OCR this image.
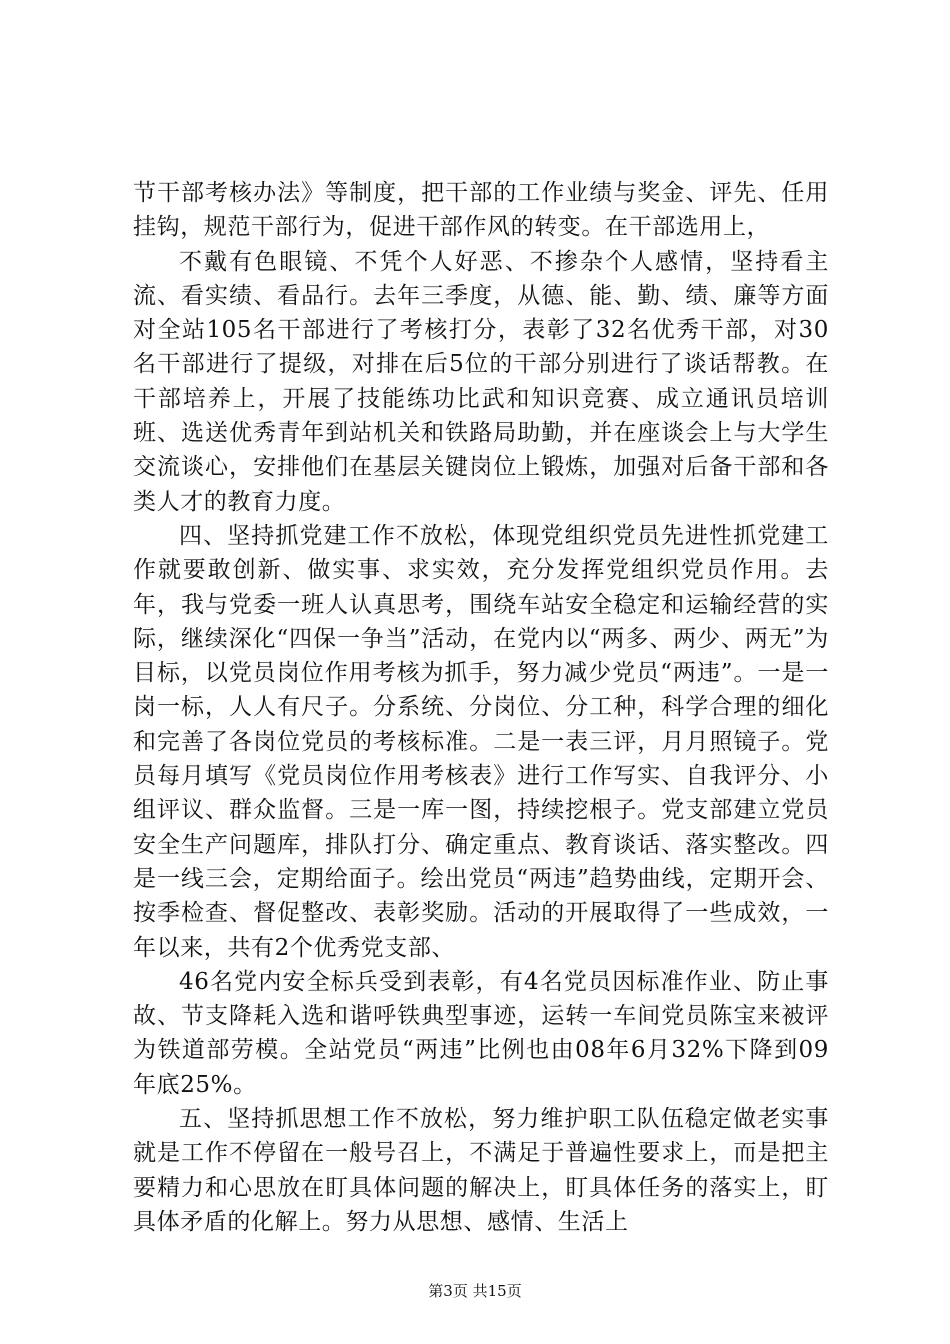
节干部考核办法》等制度，把干部的工作业绩与奖金、评先、任用挂钩，规范干部行为，促进干部作风的转变。在干部选用上，

不戴有色眼镜、不凭个人好恶、不掺杂个人感情，坚持看主流、看实绩、看品行。去年三季度，从德、能、勤、绩、廉等方面对全站105名干部进行了考核打分，表彰了32名优秀干部，对30名干部进行了提级，对排在后5位的干部分别进行了谈话帮教。在干部培养上，开展了技能练功比武和知识竞赛、成立通讯员培训班、选送优秀青年到站机关和铁路局助勤，并在座谈会上与大学生交流谈心，安排他们在基层关键岗位上锻炼，加强对后备干部和各类人才的教育力度。

四、坚持抓党建工作不放松，体现党组织党员先进性抓党建工作就要敢创新、做实事、求实效，充分发挥党组织党员作用。去年，我与党委一班人认真思考，围绕车站安全稳定和运输经营的实际，继续深化“四保一争当”活动，在党内以“两多、两少、两无”为目标，以党员岗位作用考核为抓手，努力减少党员“两违”。一是一岗一标，人人有尺子。分系统、分岗位、分工种，科学合理的细化和完善了各岗位党员的考核标准。二是一表三评，月月照镜子。党员每月填写《党员岗位作用考核表》进行工作写实、自我评分、小组评议、群众监督。三是一库一图，持续挖根子。党支部建立党员安全生产问题库，排队打分、确定重点、教育谈话、落实整改。四是一线三会，定期给面子。绘出党员“两违”趋势曲线，定期开会、按季检查、督促整改、表彰奖励。活动的开展取得了一些成效，一年以来，共有2个优秀党支部、

46名党内安全标兵受到表彰，有4名党员因标准作业、防止事故、节支降耗入选和谐呼铁典型事迹，运转一车间党员陈宝来被评为铁道部劳模。全站党员“两违”比例也由08年6月32%下降到09年底25%。

五、坚持抓思想工作不放松，努力维护职工队伍稳定做老实事就是工作不停留在一般号召上，不满足于普遍性要求上，而是把主要精力和心思放在盯具体问题的解决上，盯具体任务的落实上，盯具体矛盾的化解上。努力从思想、感情、生活上

第3页 共15页
